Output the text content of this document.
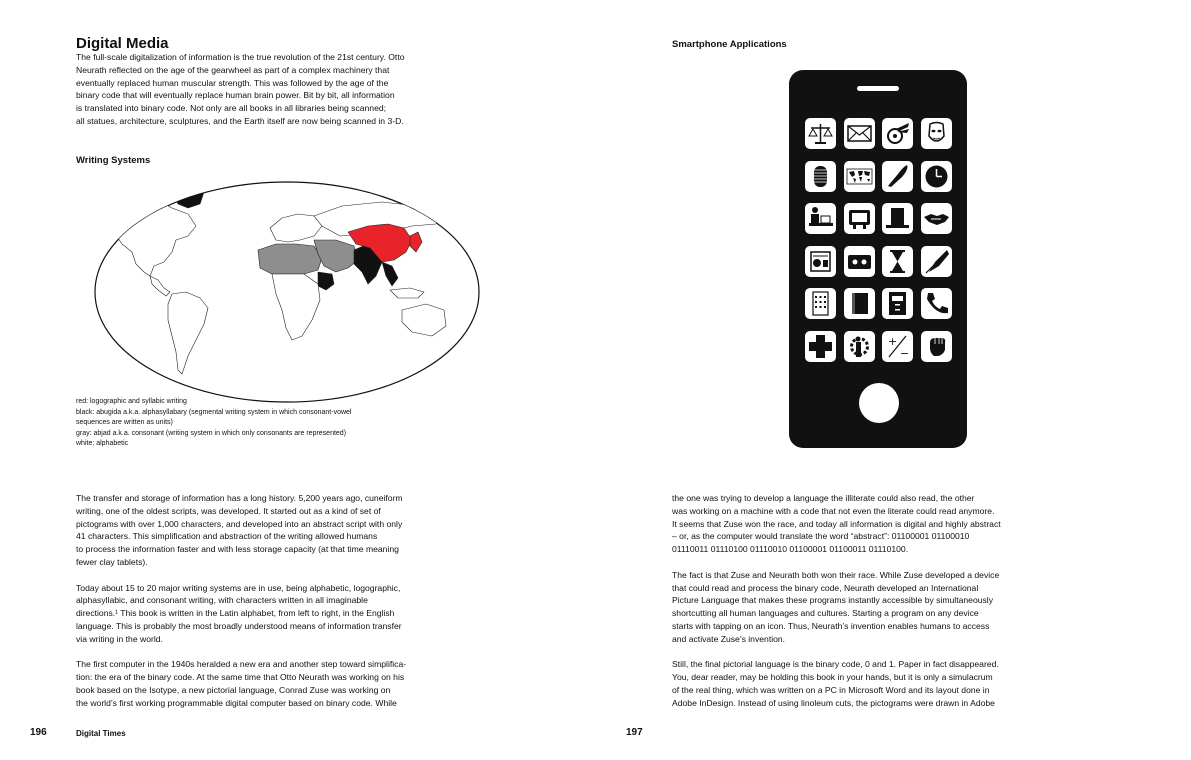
Digital Media

The full-scale digitalization of information is the true revolution of the 21st century. Otto

Neurath reflected on the age of the gearwheel as part of a complex machinery that

eventually replaced human muscular strength. This was followed by the age of the

binary code that will eventually replace human brain power. Bit by bit, all information

is translated into binary code. Not only are all books in all libraries being scanned;

all statues, architecture, sculptures, and the Earth itself are now being scanned in 3-D.

Writing Systems

red: logographic and syllabic writing

black: abugida a.k.a. alphasyllabary (segmental writing system in which consonant-vowel

sequences are written as units)

gray: abjad a.k.a. consonant (writing system in which only consonants are represented)

white: alphabetic

The transfer and storage of information has a long history. 5,200 years ago, cuneiform

writing, one of the oldest scripts, was developed. It started out as a kind of set of

pictograms with over 1,000 characters, and developed into an abstract script with only

41 characters. This simplification and abstraction of the writing allowed humans

to process the information faster and with less storage capacity (at that time meaning

fewer clay tablets).

Today about 15 to 20 major writing systems are in use, being alphabetic, logographic,

alphasyllabic, and consonant writing, with characters written in all imaginable

directions.¹ This book is written in the Latin alphabet, from left to right, in the English

language. This is probably the most broadly understood means of information transfer

via writing in the world.

The first computer in the 1940s heralded a new era and another step toward simplifica-

tion: the era of the binary code. At the same time that Otto Neurath was working on his

book based on the Isotype, a new pictorial language, Conrad Zuse was working on

the world’s first working programmable digital computer based on binary code. While

196	Digital Times
Smartphone Applications
+
−

the one was trying to develop a language the illiterate could also read, the other

was working on a machine with a code that not even the literate could read anymore.

It seems that Zuse won the race, and today all information is digital and highly abstract

– or, as the computer would translate the word “abstract”: 01100001 01100010

01110011 01110100 01110010 01100001 01100011 01110100.

The fact is that Zuse and Neurath both won their race. While Zuse developed a device

that could read and process the binary code, Neurath developed an International

Picture Language that makes these programs instantly accessible by simultaneously

shortcutting all human languages and cultures. Starting a program on any device

starts with tapping on an icon. Thus, Neurath’s invention enables humans to access

and activate Zuse’s invention.

Still, the final pictorial language is the binary code, 0 and 1. Paper in fact disappeared.

You, dear reader, may be holding this book in your hands, but it is only a simulacrum

of the real thing, which was written on a PC in Microsoft Word and its layout done in

Adobe InDesign. Instead of using linoleum cuts, the pictograms were drawn in Adobe

197
